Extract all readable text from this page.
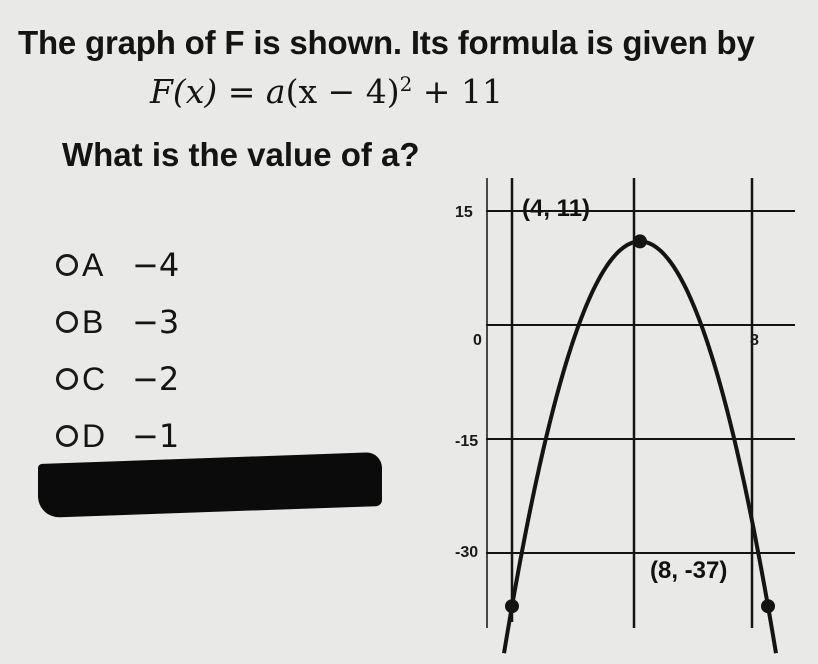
The graph of F is shown. Its formula is given by
$F(x) = a(x - 4)^2 + 11$
What is the value of a?
A −4
B −3
C −2
D −1
15
0
-15
-30
8
(4, 11)
(8, -37)
